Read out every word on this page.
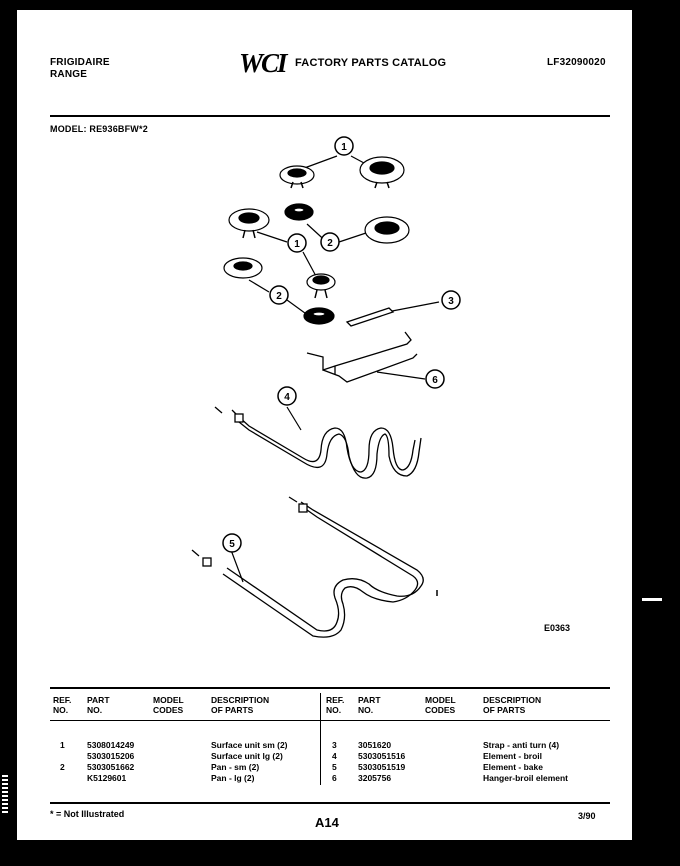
FRIGIDAIRE
RANGE	WCI FACTORY PARTS CATALOG	LF32090020
MODEL: RE936BFW*2
1
1	2
2	3
6
4
5
E0363
REF.
NO.
PART
NO.
MODEL
CODES
DESCRIPTION
OF PARTS
REF.
NO.
PART
NO.
MODEL
CODES
DESCRIPTION
OF PARTS
1	5308014249	Surface unit sm (2)
5303015206	Surface unit lg (2)
2	5303051662	Pan - sm (2)
K5129601	Pan - lg (2)
3	3051620	Strap - anti turn (4)
4	5303051516	Element - broil
5	5303051519	Element - bake
6	3205756	Hanger-broil element
* = Not Illustrated
A14	3/90
